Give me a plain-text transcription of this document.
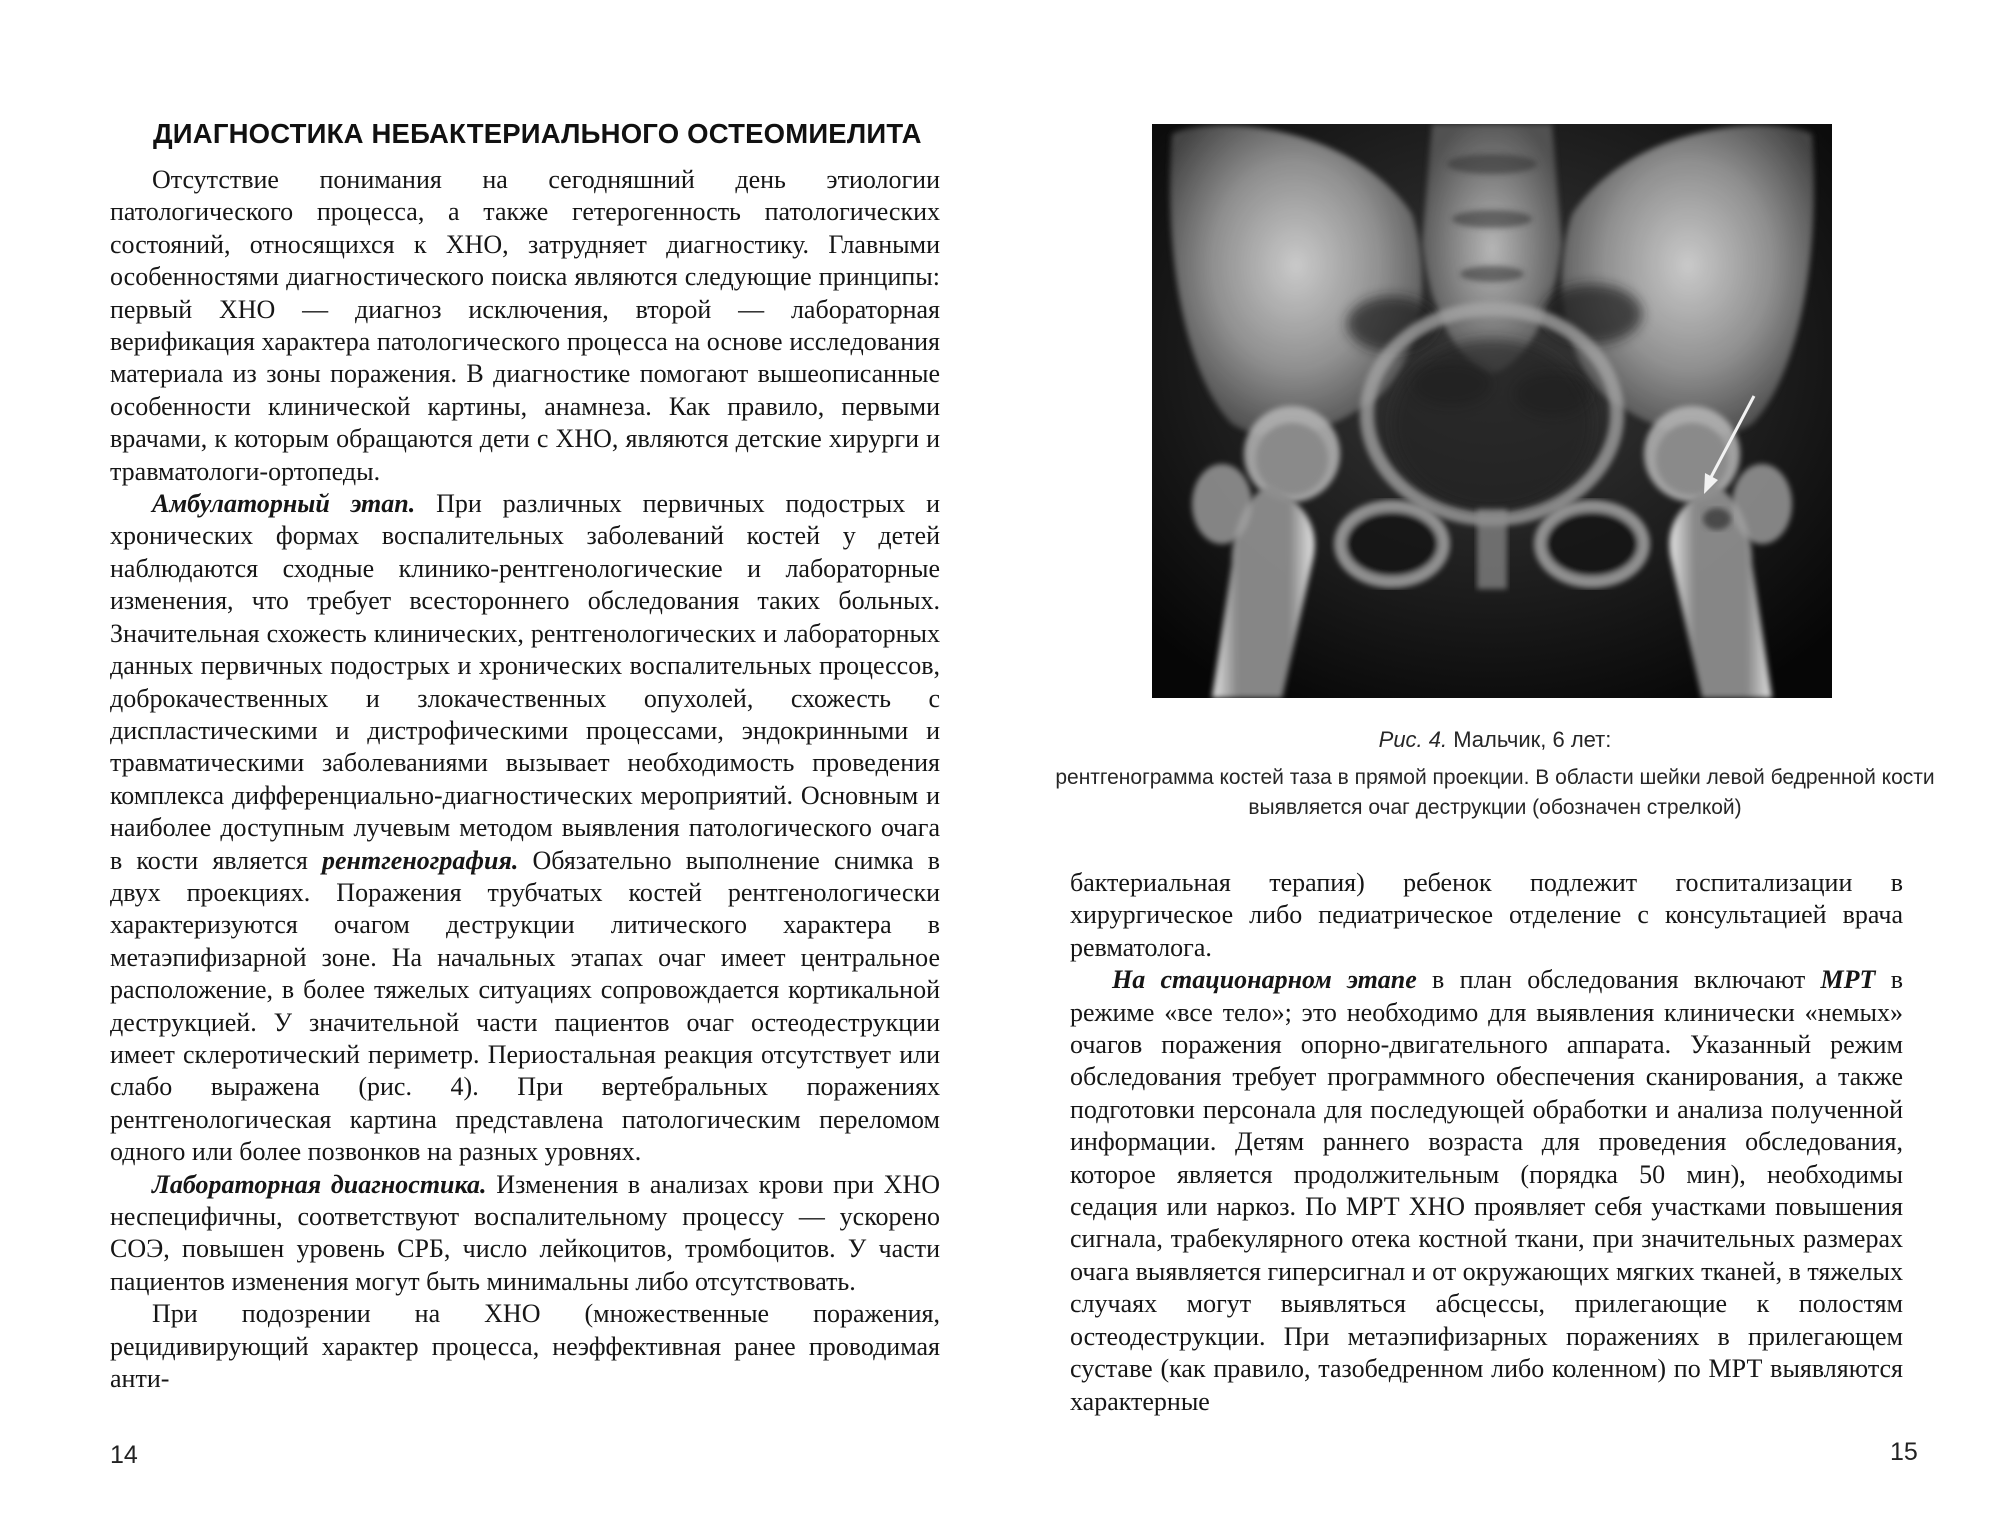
ДИАГНОСТИКА НЕБАКТЕРИАЛЬНОГО ОСТЕОМИЕЛИТА

Отсутствие понимания на сегодняшний день этиологии патологического процесса, а также гетерогенность патологических состояний, относящихся к ХНО, затрудняет диагностику. Главными особенностями диагностического поиска являются следующие принципы: первый ХНО — диагноз исключения, второй — лабораторная верификация характера патологического процесса на основе исследования материала из зоны поражения. В диагностике помогают вышеописанные особенности клинической картины, анамнеза. Как правило, первыми врачами, к которым обращаются дети с ХНО, являются детские хирурги и травматологи-ортопеды.

Амбулаторный этап. При различных первичных подострых и хронических формах воспалительных заболеваний костей у детей наблюдаются сходные клинико-рентгенологические и лабораторные изменения, что требует всестороннего обследования таких больных. Значительная схожесть клинических, рентгенологических и лабораторных данных первичных подострых и хронических воспалительных процессов, доброкачественных и злокачественных опухолей, схожесть с диспластическими и дистрофическими процессами, эндокринными и травматическими заболеваниями вызывает необходимость проведения комплекса дифференциально-диагностических мероприятий. Основным и наиболее доступным лучевым методом выявления патологического очага в кости является рентгенография. Обязательно выполнение снимка в двух проекциях. Поражения трубчатых костей рентгенологически характеризуются очагом деструкции литического характера в метаэпифизарной зоне. На начальных этапах очаг имеет центральное расположение, в более тяжелых ситуациях сопровождается кортикальной деструкцией. У значительной части пациентов очаг остеодеструкции имеет склеротический периметр. Периостальная реакция отсутствует или слабо выражена (рис. 4). При вертебральных поражениях рентгенологическая картина представлена патологическим переломом одного или более позвонков на разных уровнях.

Лабораторная диагностика. Изменения в анализах крови при ХНО неспецифичны, соответствуют воспалительному процессу — ускорено СОЭ, повышен уровень СРБ, число лейкоцитов, тромбоцитов. У части пациентов изменения могут быть минимальны либо отсутствовать.

При подозрении на ХНО (множественные поражения, рецидивирующий характер процесса, неэффективная ранее проводимая анти-

14

Рис. 4. Мальчик, 6 лет:

рентгенограмма костей таза в прямой проекции. В области шейки левой бедренной кости выявляется очаг деструкции (обозначен стрелкой)

бактериальная терапия) ребенок подлежит госпитализации в хирургическое либо педиатрическое отделение с консультацией врача ревматолога.

На стационарном этапе в план обследования включают МРТ в режиме «все тело»; это необходимо для выявления клинически «немых» очагов поражения опорно-двигательного аппарата. Указанный режим обследования требует программного обеспечения сканирования, а также подготовки персонала для последующей обработки и анализа полученной информации. Детям раннего возраста для проведения обследования, которое является продолжительным (порядка 50 мин), необходимы седация или наркоз. По МРТ ХНО проявляет себя участками повышения сигнала, трабекулярного отека костной ткани, при значительных размерах очага выявляется гиперсигнал и от окружающих мягких тканей, в тяжелых случаях могут выявляться абсцессы, прилегающие к полостям остеодеструкции. При метаэпифизарных поражениях в прилегающем суставе (как правило, тазобедренном либо коленном) по МРТ выявляются характерные

15
